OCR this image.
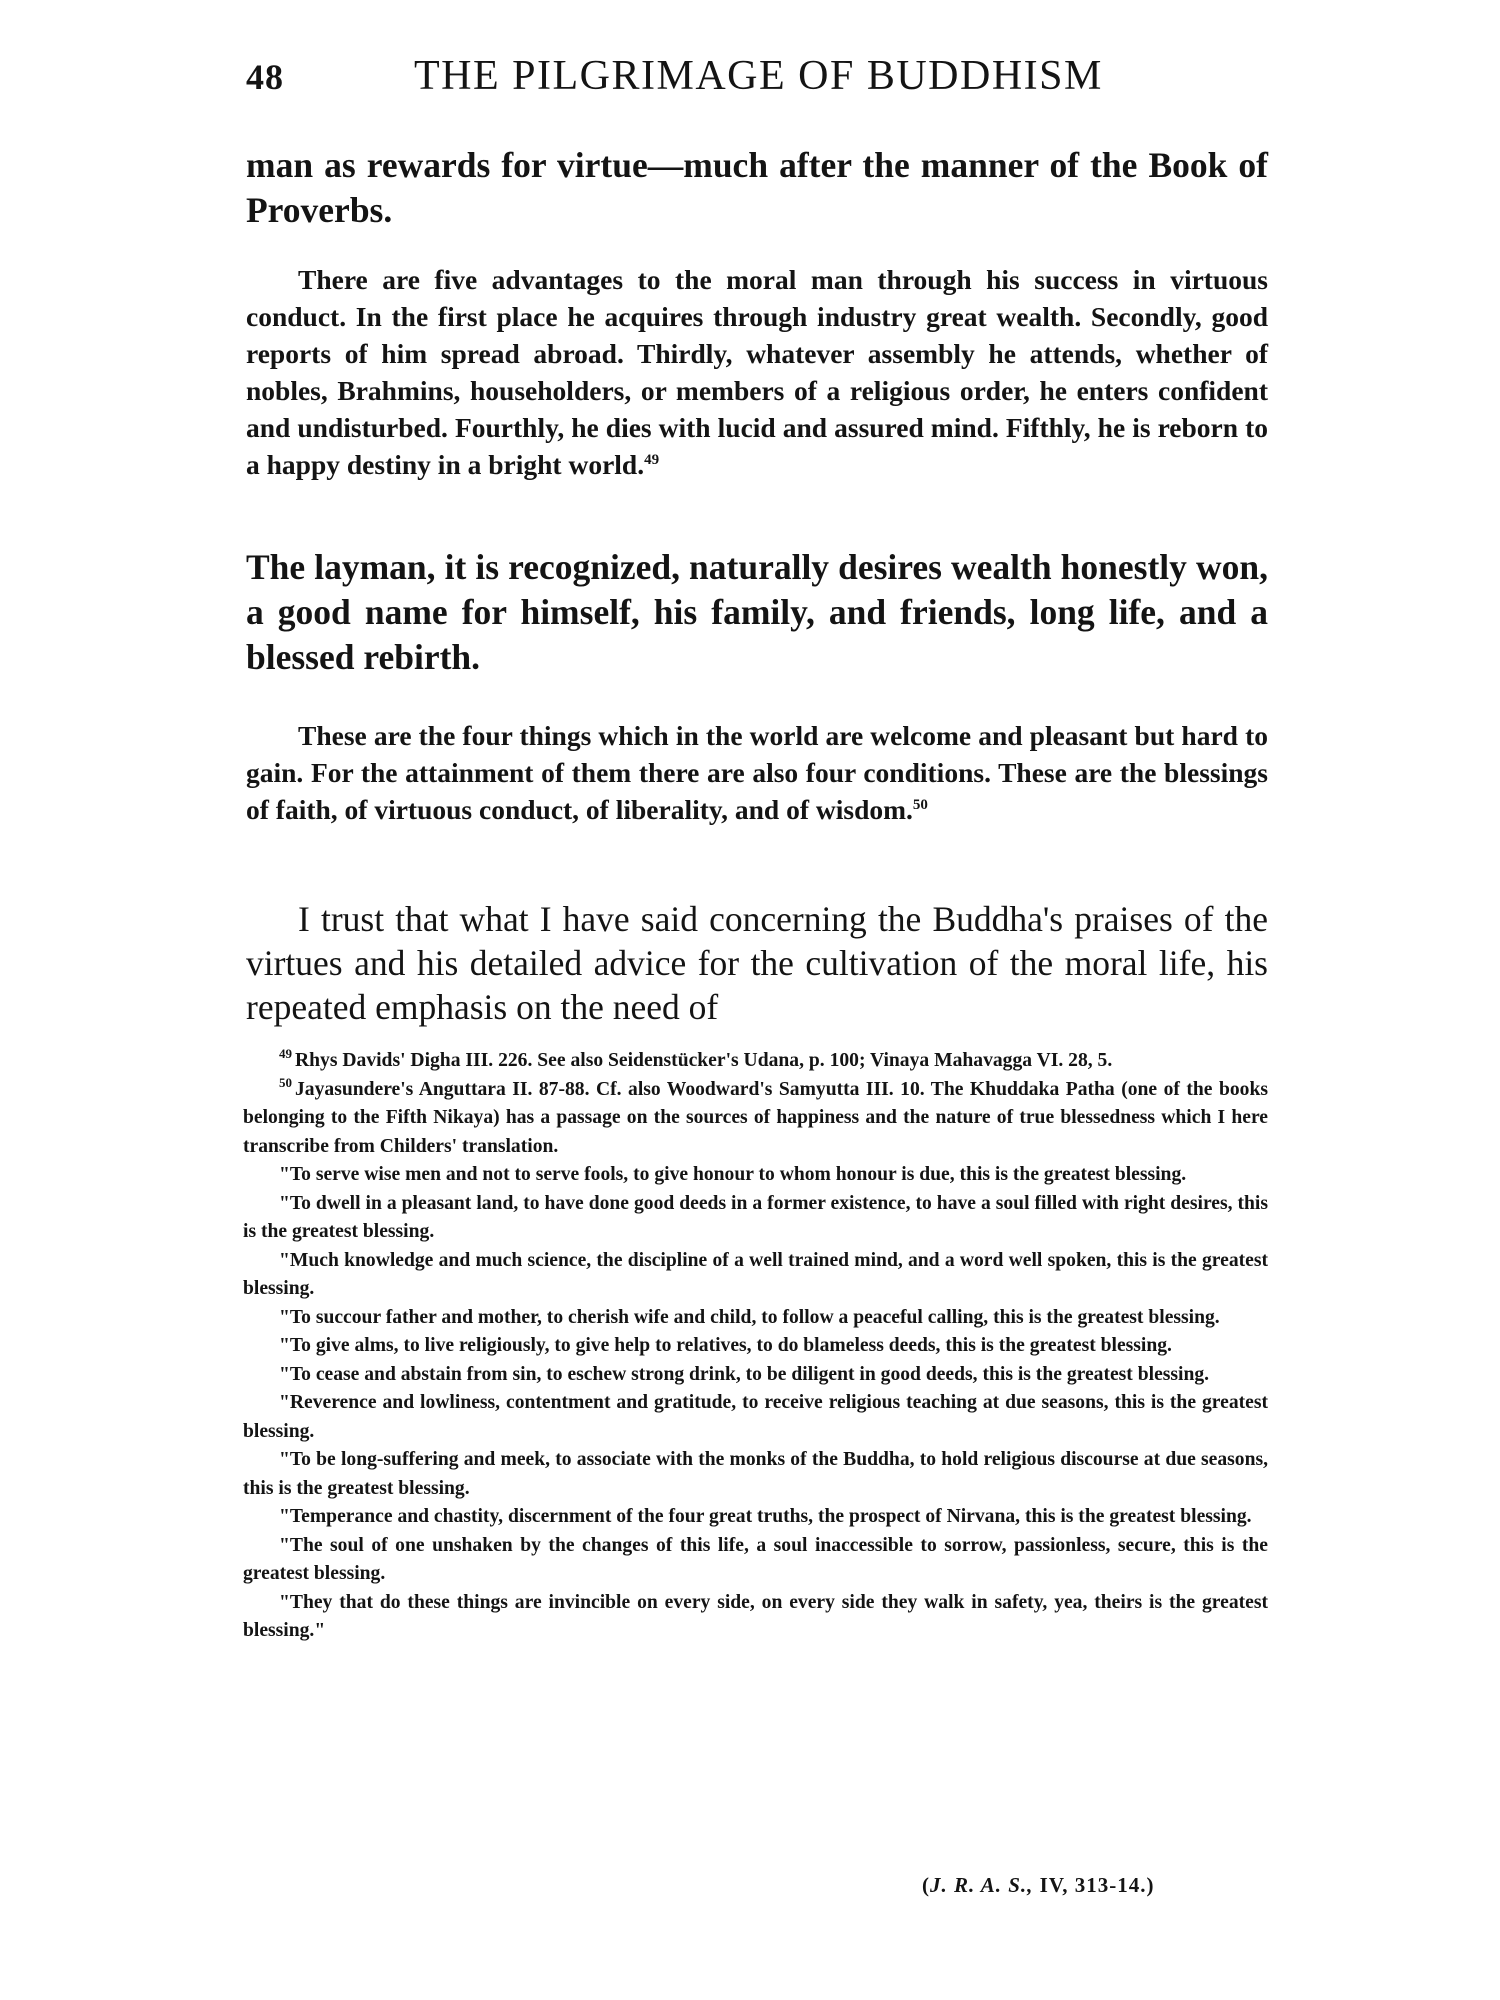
48	THE PILGRIMAGE OF BUDDHISM

man as rewards for virtue—much after the manner of the Book of Proverbs.

There are five advantages to the moral man through his success in virtuous conduct. In the first place he acquires through industry great wealth. Secondly, good reports of him spread abroad. Thirdly, whatever assembly he attends, whether of nobles, Brahmins, householders, or members of a religious order, he enters confident and undisturbed. Fourthly, he dies with lucid and assured mind. Fifthly, he is reborn to a happy destiny in a bright world.$^{49}$

The layman, it is recognized, naturally desires wealth honestly won, a good name for himself, his family, and friends, long life, and a blessed rebirth.

These are the four things which in the world are welcome and pleasant but hard to gain. For the attainment of them there are also four conditions. These are the blessings of faith, of virtuous conduct, of liberality, and of wisdom.$^{50}$

I trust that what I have said concerning the Buddha's praises of the virtues and his detailed advice for the cultivation of the moral life, his repeated emphasis on the need of

$^{49}$ Rhys Davids' Digha III. 226. See also Seidenstücker's Udana, p. 100; Vinaya Mahavagga VI. 28, 5.

$^{50}$ Jayasundere's Anguttara II. 87-88. Cf. also Woodward's Samyutta III. 10. The Khuddaka Patha (one of the books belonging to the Fifth Nikaya) has a passage on the sources of happiness and the nature of true blessedness which I here transcribe from Childers' translation.

"To serve wise men and not to serve fools, to give honour to whom honour is due, this is the greatest blessing.

"To dwell in a pleasant land, to have done good deeds in a former existence, to have a soul filled with right desires, this is the greatest blessing.

"Much knowledge and much science, the discipline of a well trained mind, and a word well spoken, this is the greatest blessing.

"To succour father and mother, to cherish wife and child, to follow a peaceful calling, this is the greatest blessing.

"To give alms, to live religiously, to give help to relatives, to do blameless deeds, this is the greatest blessing.

"To cease and abstain from sin, to eschew strong drink, to be diligent in good deeds, this is the greatest blessing.

"Reverence and lowliness, contentment and gratitude, to receive religious teaching at due seasons, this is the greatest blessing.

"To be long-suffering and meek, to associate with the monks of the Buddha, to hold religious discourse at due seasons, this is the greatest blessing.

"Temperance and chastity, discernment of the four great truths, the prospect of Nirvana, this is the greatest blessing.

"The soul of one unshaken by the changes of this life, a soul inaccessible to sorrow, passionless, secure, this is the greatest blessing.

"They that do these things are invincible on every side, on every side they walk in safety, yea, theirs is the greatest blessing."

(J. R. A. S., IV, 313-14.)
